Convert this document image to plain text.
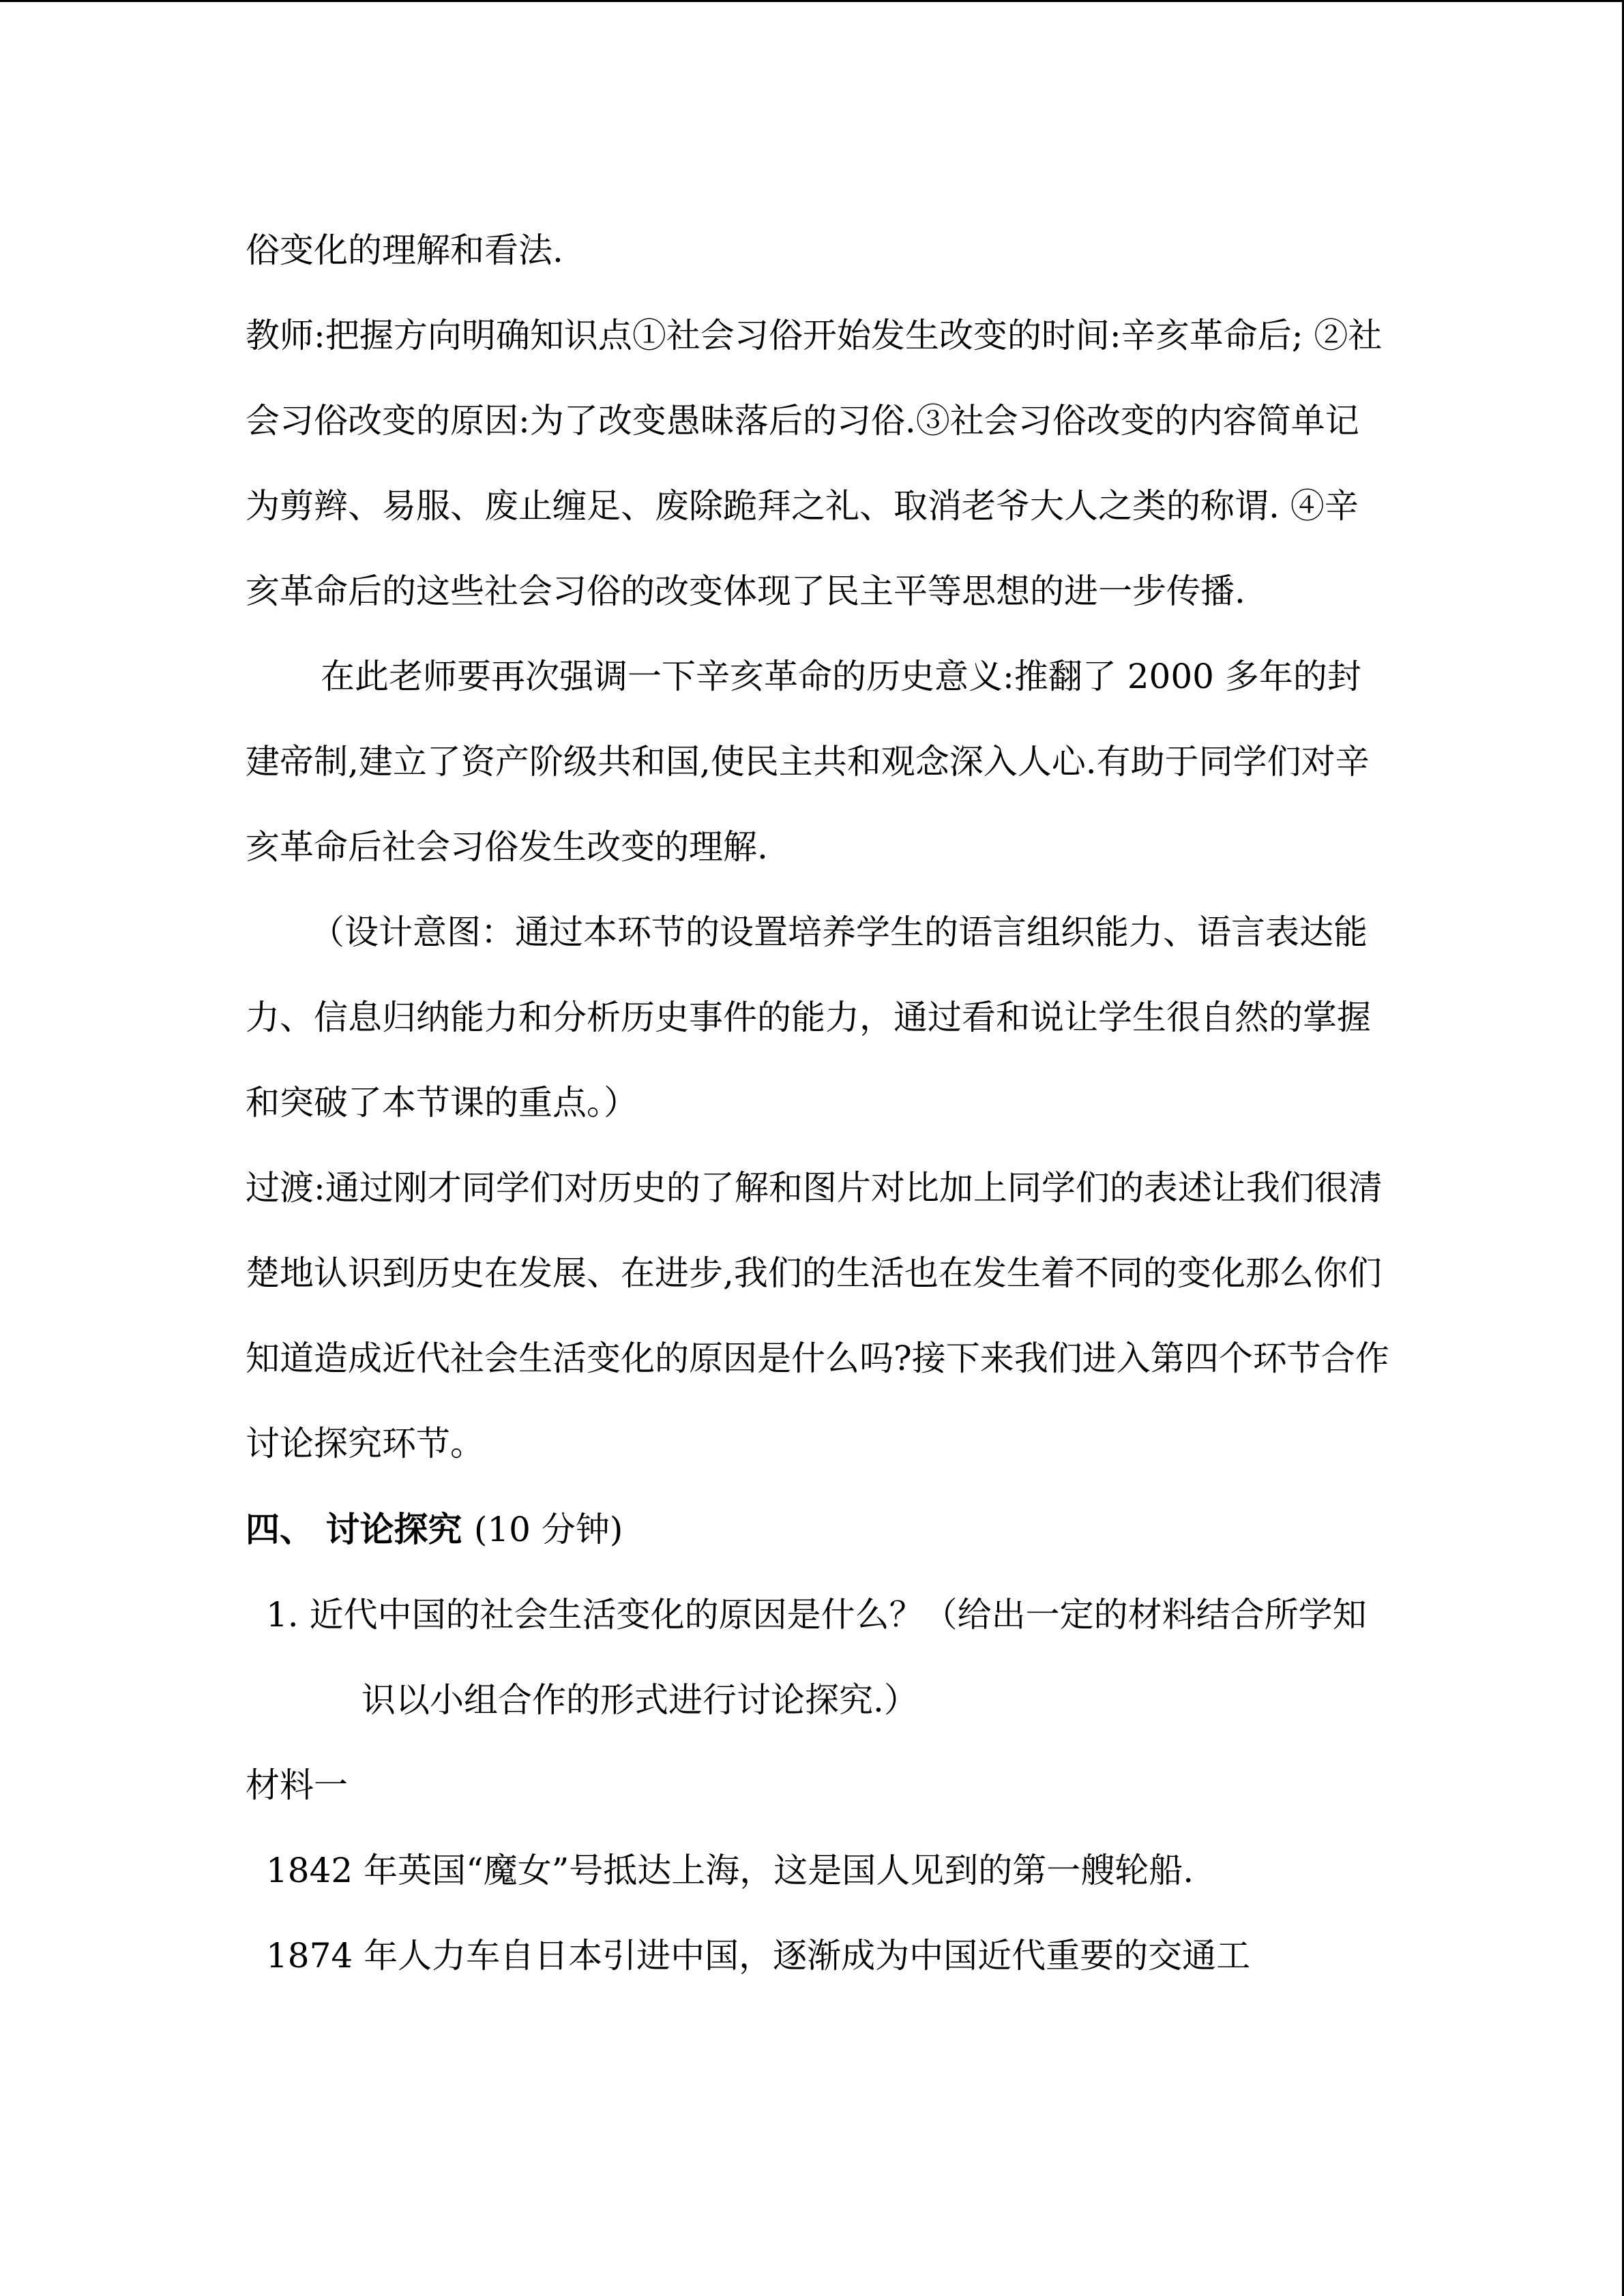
俗变化的理解和看法.

教师:把握方向明确知识点①社会习俗开始发生改变的时间:辛亥革命后; ②社会习俗改变的原因:为了改变愚昧落后的习俗.③社会习俗改变的内容简单记为剪辫、易服、废止缠足、废除跪拜之礼、取消老爷大人之类的称谓. ④辛亥革命后的这些社会习俗的改变体现了民主平等思想的进一步传播.

在此老师要再次强调一下辛亥革命的历史意义:推翻了 2000 多年的封建帝制,建立了资产阶级共和国,使民主共和观念深入人心.有助于同学们对辛亥革命后社会习俗发生改变的理解.

（设计意图：通过本环节的设置培养学生的语言组织能力、语言表达能力、信息归纳能力和分析历史事件的能力，通过看和说让学生很自然的掌握和突破了本节课的重点。）

过渡:通过刚才同学们对历史的了解和图片对比加上同学们的表述让我们很清楚地认识到历史在发展、在进步,我们的生活也在发生着不同的变化那么你们知道造成近代社会生活变化的原因是什么吗?接下来我们进入第四个环节合作讨论探究环节。

四、 讨论探究 (10 分钟)

1. 近代中国的社会生活变化的原因是什么？（给出一定的材料结合所学知识以小组合作的形式进行讨论探究.）

材料一

1842 年英国“魔女”号抵达上海，这是国人见到的第一艘轮船.

1874 年人力车自日本引进中国，逐渐成为中国近代重要的交通工
